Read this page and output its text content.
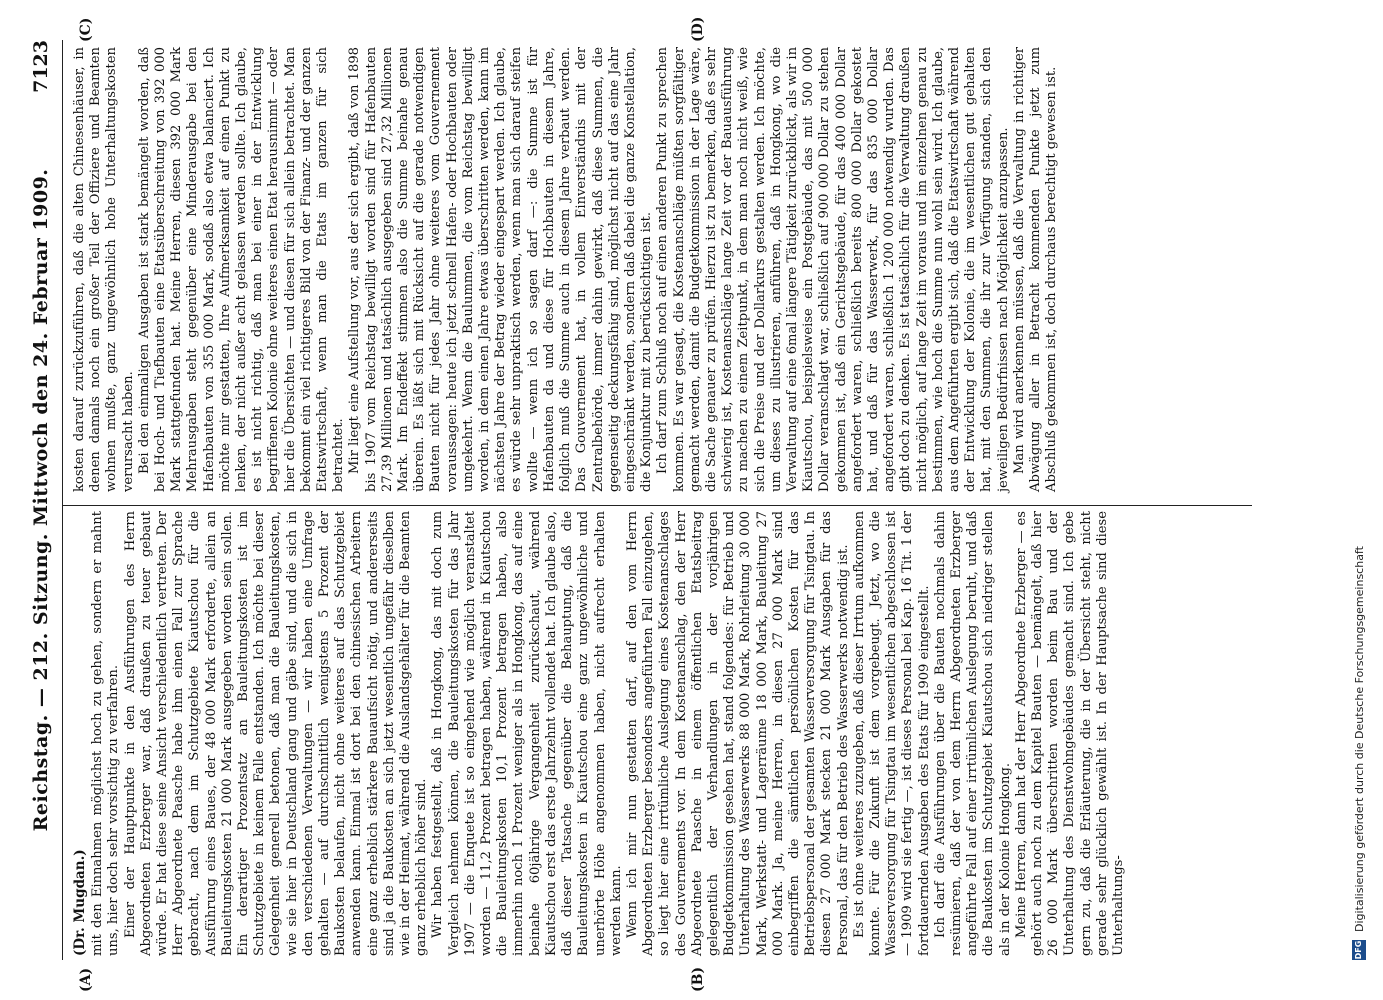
Reichstag. — 212. Sitzung. Mittwoch den 24. Februar 1909.
7123
(A)	(B)
(C)	(D)
(Dr. Mugdan.) mit den Einnahmen möglichst hoch zu gehen, sondern er mahnt uns, hier doch sehr vorsichtig zu verfahren. Einer der Hauptpunkte in den Ausführungen des Herrn Abgeordneten Erzberger war, daß draußen zu teuer gebaut würde. Er hat diese seine Ansicht verschiedentlich vertreten. Der Herr Abgeordnete Paasche habe ihm einen Fall zur Sprache gebracht, nach dem im Schutzgebiete Kiautschou für die Ausführung eines Baues, der 48 000 Mark erforderte, allein an Bauleitungskosten 21 000 Mark ausgegeben worden sein sollen. Ein derartiger Prozentsatz an Bauleitungskosten ist im Schutzgebiete in keinem Falle entstanden. Ich möchte bei dieser Gelegenheit generell betonen, daß man die Bauleitungskosten, wie sie hier in Deutschland gang und gäbe sind, und die sich in den verschiedenen Verwaltungen — wir haben eine Umfrage gehalten — auf durchschnittlich wenigstens 5 Prozent der Baukosten belaufen, nicht ohne weiteres auf das Schutzgebiet anwenden kann. Einmal ist dort bei den chinesischen Arbeitern eine ganz erheblich stärkere Bauaufsicht nötig, und andererseits sind ja die Baukosten an sich jetzt wesentlich ungefähr dieselben wie in der Heimat, während die Auslandsgehälter für die Beamten ganz erheblich höher sind. Wir haben festgestellt, daß in Hongkong, das mit doch zum Vergleich nehmen können, die Bauleitungskosten für das Jahr 1907 — die Enquete ist so eingehend wie möglich veranstaltet worden — 11,2 Prozent betragen haben, während in Kiautschou die Bauleitungskosten 10,1 Prozent betragen haben, also immerhin noch 1 Prozent weniger als in Hongkong, das auf eine beinahe 60jährige Vergangenheit zurückschaut, während Kiautschou erst das erste Jahrzehnt vollendet hat. Ich glaube also, daß dieser Tatsache gegenüber die Behauptung, daß die Bauleitungskosten in Kiautschou eine ganz ungewöhnliche und unerhörte Höhe angenommen haben, nicht aufrecht erhalten werden kann. Wenn ich mir nun gestatten darf, auf den vom Herrn Abgeordneten Erzberger besonders angeführten Fall einzugehen, so liegt hier eine irrtümliche Auslegung eines Kostenanschlages des Gouvernements vor. In dem Kostenanschlag, den der Herr Abgeordnete Paasche in einem öffentlichen Etatsbeitrag gelegentlich der Verhandlungen in der vorjährigen Budgetkommission gesehen hat, stand folgendes: für Betrieb und Unterhaltung des Wasserwerks 88 000 Mark, Rohrleitung 30 000 Mark, Werkstatt- und Lagerräume 18 000 Mark, Bauleitung 27 000 Mark. Ja, meine Herren, in diesen 27 000 Mark sind einbegriffen die sämtlichen persönlichen Kosten für das Betriebspersonal der gesamten Wasserversorgung für Tsingtau. In diesen 27 000 Mark stecken 21 000 Mark Ausgaben für das Personal, das für den Betrieb des Wasserwerks notwendig ist. Es ist ohne weiteres zuzugeben, daß dieser Irrtum aufkommen konnte. Für die Zukunft ist dem vorgebeugt. Jetzt, wo die Wasserversorgung für Tsingtau im wesentlichen abgeschlossen ist — 1909 wird sie fertig —, ist dieses Personal bei Kap. 16 Tit. 1 der fortdauernden Ausgaben des Etats für 1909 eingestellt. Ich darf die Ausführungen über die Bauten nochmals dahin resümieren, daß der von dem Herrn Abgeordneten Erzberger angeführte Fall auf einer irrtümlichen Auslegung beruht, und daß die Baukosten im Schutzgebiet Kiautschou sich niedriger stellen als in der Kolonie Hongkong. Meine Herren, dann hat der Herr Abgeordnete Erzberger — es gehört auch noch zu dem Kapitel Bauten — bemängelt, daß hier 26 000 Mark überschritten worden beim Bau und der Unterhaltung des Dienstwohngebäudes gemacht sind. Ich gebe gern zu, daß die Erläuterung, die in der Übersicht steht, nicht gerade sehr glücklich gewählt ist. In der Hauptsache sind diese Unterhaltungs-

kosten darauf zurückzuführen, daß die alten Chinesenhäuser, in denen damals noch ein großer Teil der Offiziere und Beamten wohnen mußte, ganz ungewöhnlich hohe Unterhaltungskosten verursacht haben. Bei den einmaligen Ausgaben ist stark bemängelt worden, daß bei Hoch- und Tiefbauten eine Etatsüberschreitung von 392 000 Mark stattgefunden hat. Meine Herren, diesen 392 000 Mark Mehrausgaben steht gegenüber eine Minderausgabe bei den Hafenbauten von 355 000 Mark, sodaß also etwa balanciert. Ich möchte mir gestatten, Ihre Aufmerksamkeit auf einen Punkt zu lenken, der nicht außer acht gelassen werden sollte. Ich glaube, es ist nicht richtig, daß man bei einer in der Entwicklung begriffenen Kolonie ohne weiteres einen Etat herausnimmt — oder hier die Übersichten — und diesen für sich allein betrachtet. Man bekommt ein viel richtigeres Bild von der Finanz- und der ganzen Etatswirtschaft, wenn man die Etats im ganzen für sich betrachtet. Mir liegt eine Aufstellung vor, aus der sich ergibt, daß von 1898 bis 1907 vom Reichstag bewilligt worden sind für Hafenbauten 27,39 Millionen und tatsächlich ausgegeben sind 27,32 Millionen Mark. Im Endeffekt stimmen also die Summe beinahe genau überein. Es läßt sich mit Rücksicht auf die gerade notwendigen Bauten nicht für jedes Jahr ohne weiteres vom Gouvernement voraussagen: heute ich jetzt schnell Hafen- oder Hochbauten oder umgekehrt. Wenn die Baulummen, die vom Reichstag bewilligt worden, in dem einen Jahre etwas überschritten werden, kann im nächsten Jahre der Betrag wieder eingespart werden. Ich glaube, es würde sehr unpraktisch werden, wenn man sich darauf steifen wollte — wenn ich so sagen darf —: die Summe ist für Hafenbauten da und diese für Hochbauten in diesem Jahre, folglich muß die Summe auch in diesem Jahre verbaut werden. Das Gouvernement hat, in vollem Einverständnis mit der Zentralbehörde, immer dahin gewirkt, daß diese Summen, die gegenseitig deckungsfähig sind, möglichst nicht auf das eine Jahr eingeschränkt werden, sondern daß dabei die ganze Konstellation, die Konjunktur mit zu berücksichtigen ist. Ich darf zum Schluß noch auf einen anderen Punkt zu sprechen kommen. Es war gesagt, die Kostenanschläge müßten sorgfältiger gemacht werden, damit die Budgetkommission in der Lage wäre, die Sache genauer zu prüfen. Hierzu ist zu bemerken, daß es sehr schwierig ist, Kostenanschläge lange Zeit vor der Bauausführung zu machen zu einem Zeitpunkt, in dem man noch nicht weiß, wie sich die Preise und der Dollarkurs gestalten werden. Ich möchte, um dieses zu illustrieren, anführen, daß in Hongkong, wo die Verwaltung auf eine 6mal längere Tätigkeit zurückblickt, als wir in Kiautschou, beispielsweise ein Postgebäude, das mit 500 000 Dollar veranschlagt war, schließlich auf 900 000 Dollar zu stehen gekommen ist, daß ein Gerichtsgebäude, für das 400 000 Dollar angefordert waren, schließlich bereits 800 000 Dollar gekostet hat, und daß für das Wasserwerk, für das 835 000 Dollar angefordert waren, schließlich 1 200 000 notwendig wurden. Das gibt doch zu denken. Es ist tatsächlich für die Verwaltung draußen nicht möglich, auf lange Zeit im voraus und im einzelnen genau zu bestimmen, wie hoch die Summe nun wohl sein wird. Ich glaube, aus dem Angeführten ergibt sich, daß die Etatswirtschaft während der Entwicklung der Kolonie, die im wesentlichen gut gehalten hat, mit den Summen, die ihr zur Verfügung standen, sich den jeweiligen Bedürfnissen nach Möglichkeit anzupassen. Man wird anerkennen müssen, daß die Verwaltung in richtiger Abwägung aller in Betracht kommenden Punkte jetzt zum Abschluß gekommen ist, doch durchaus berechtigt gewesen ist.

DFG
Digitalisierung gefördert durch die Deutsche Forschungsgemeinschaft
